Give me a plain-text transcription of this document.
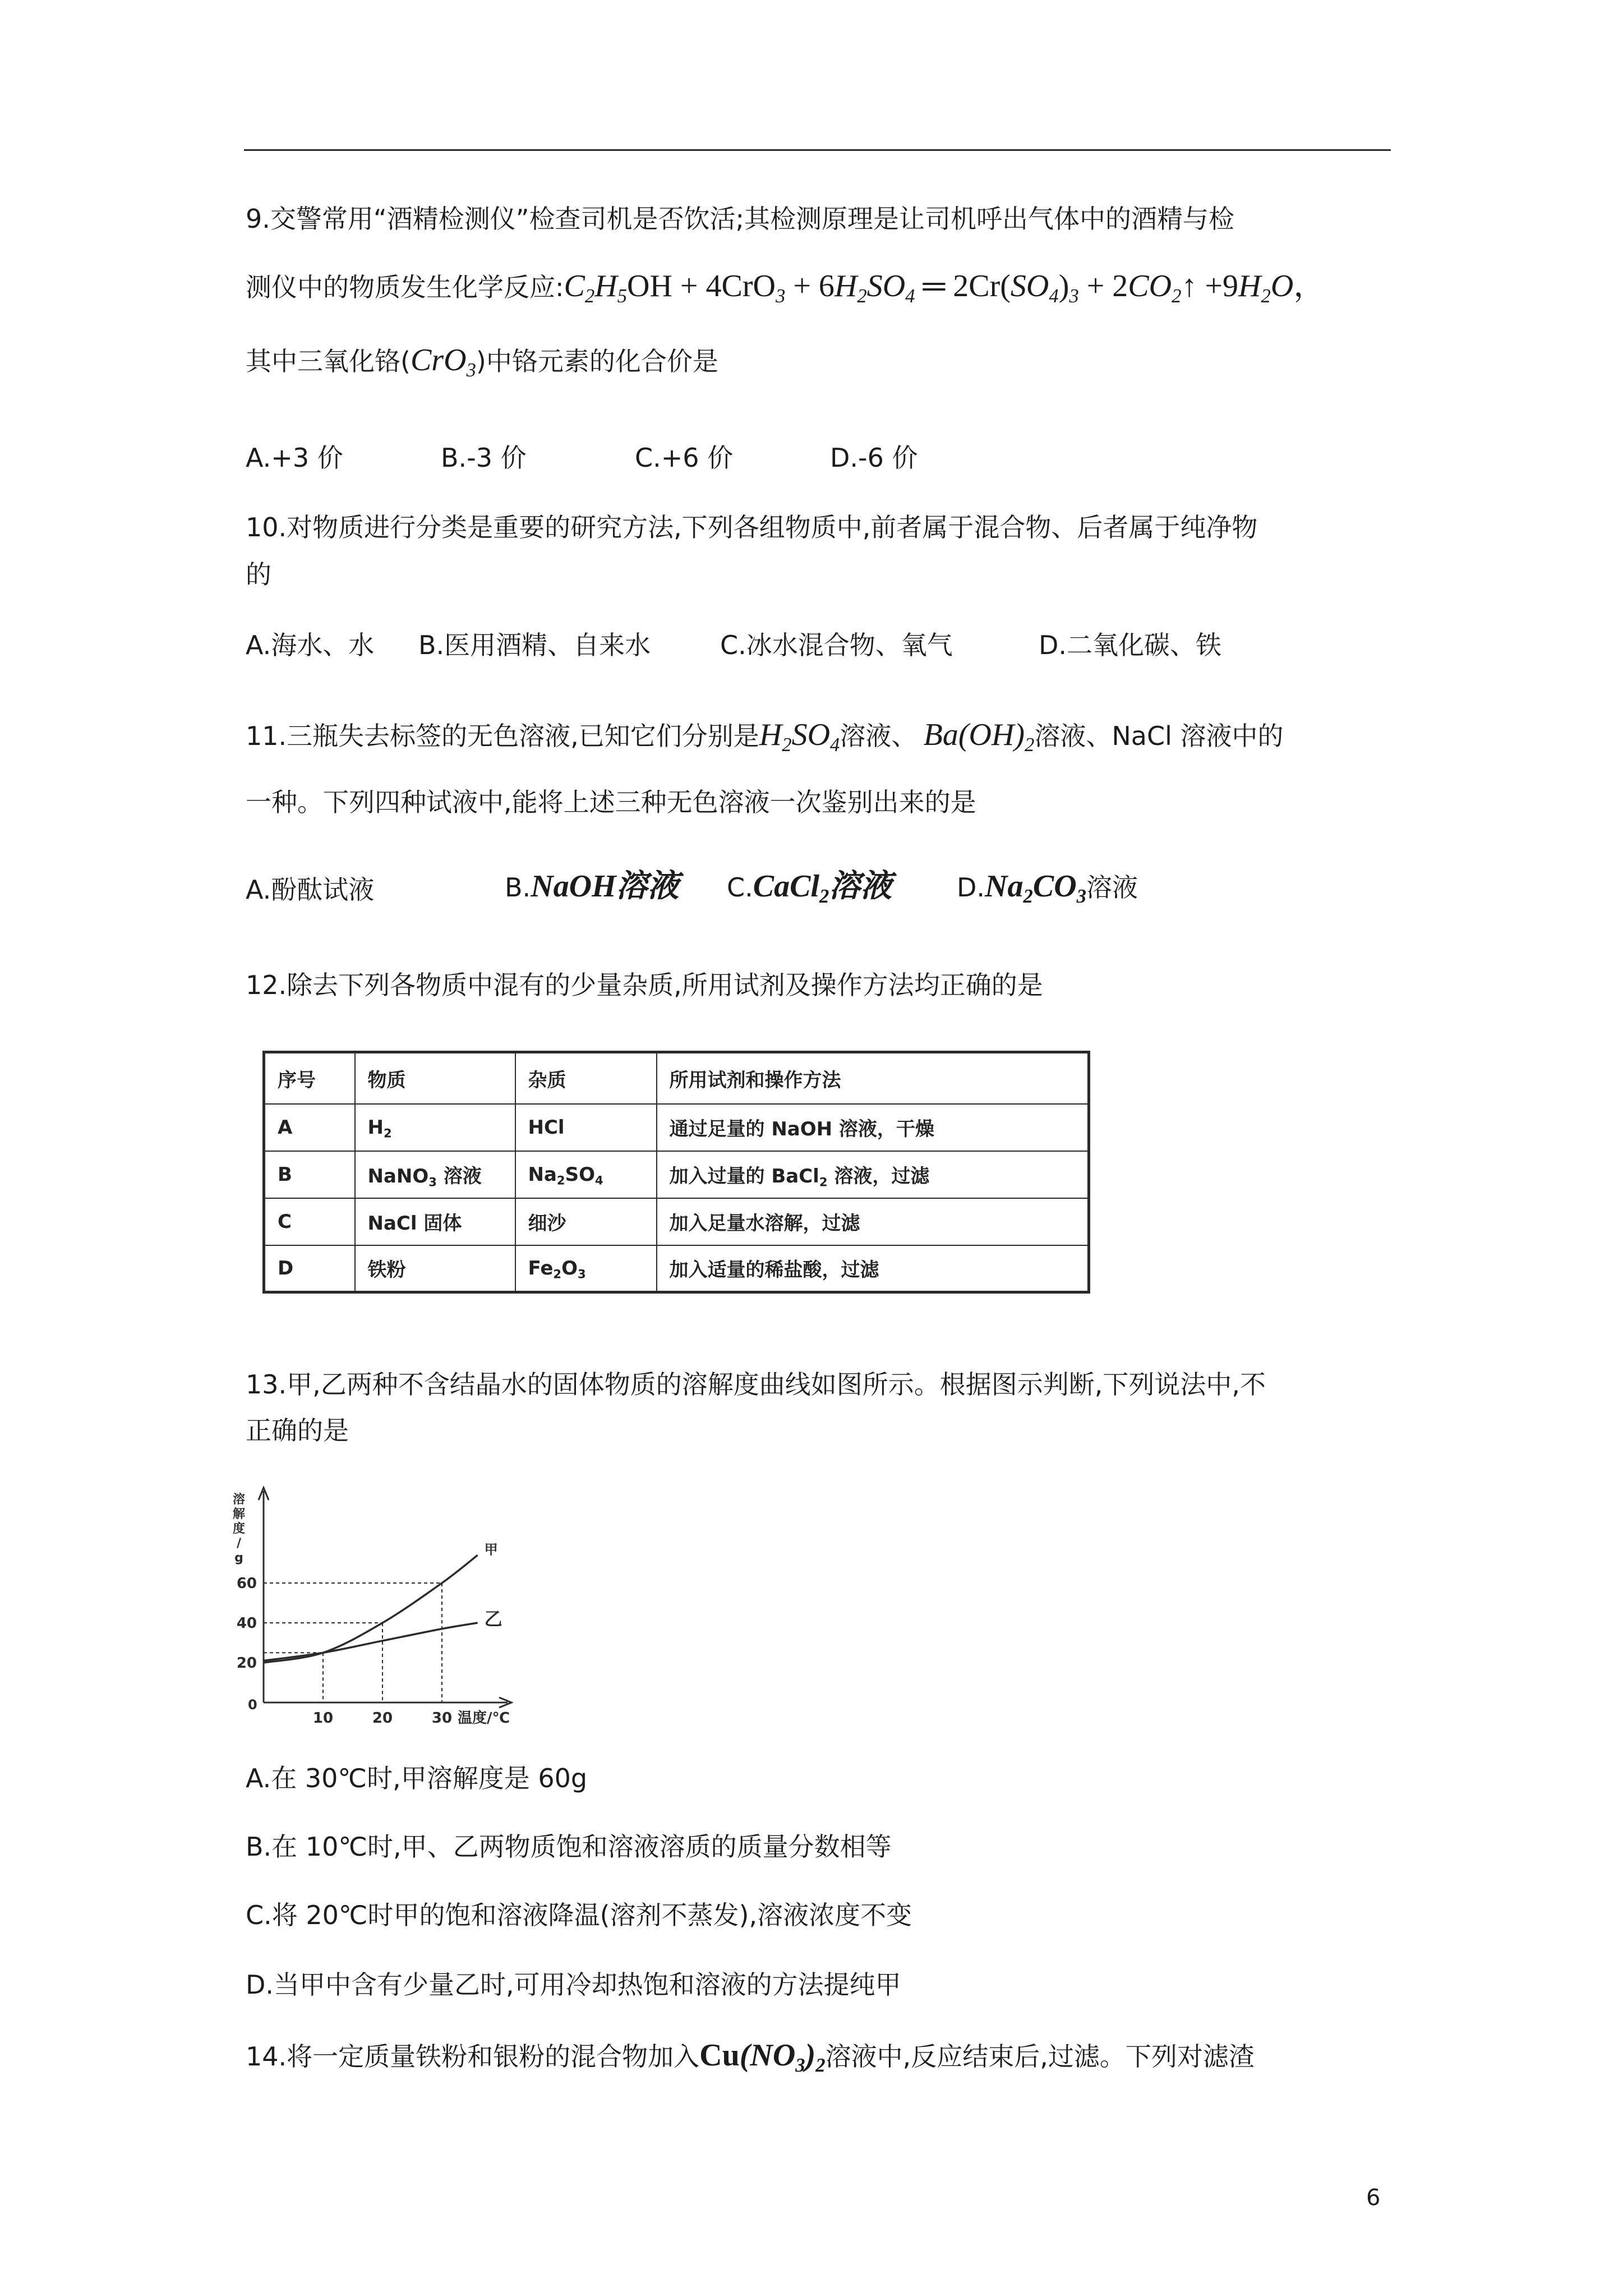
9.交警常用“酒精检测仪”检查司机是否饮活;其检测原理是让司机呼出气体中的酒精与检
测仪中的物质发生化学反应$:C_2H_5OH + 4CrO_3 + 6H_2SO_4$ ═ $2Cr(SO_4)_3$ + $2CO_2↑ +9H_2O$，
其中三氧化铬(CrO$_3$)中铬元素的化合价是
A.+3 价	B.-3 价	C.+6 价	D.-6 价
10.对物质进行分类是重要的研究方法,下列各组物质中,前者属于混合物、后者属于纯净物
的
A.海水、水 B.医用酒精、自来水	C.冰水混合物、氧气	D.二氧化碳、铁
11.三瓶失去标签的无色溶液,已知它们分别是$H_2SO_4$溶液、  $Ba(OH)_2$溶液、NaCl 溶液中的
一种。下列四种试液中,能将上述三种无色溶液一次鉴别出来的是
A.酚酞试液	B.NaOH溶液 C.CaCl$_2$溶液	$D.Na_2CO_3$溶液
12.除去下列各物质中混有的少量杂质,所用试剂及操作方法均正确的是
序号	物质	杂质	所用试剂和操作方法
A	$H_2$	HCl	通过足量的 NaOH 溶液，干燥
B	NaNO$_3$ 溶液	$Na_2SO_4$	加入过量的 BaCl$_2$ 溶液，过滤
C	NaCl 固体	细沙	加入足量水溶解，过滤
D	铁粉	$Fe_2O_3$	加入适量的稀盐酸，过滤
13.甲,乙两种不含结晶水的固体物质的溶解度曲线如图所示。根据图示判断,下列说法中,不
正确的是
溶
解
度
/
g
0
20
40
60
10	20	30 温度/℃
甲
乙
A.在 30℃时,甲溶解度是 60g
B.在 10℃时,甲、乙两物质饱和溶液溶质的质量分数相等
C.将 20℃时甲的饱和溶液降温(溶剂不蒸发),溶液浓度不变
D.当甲中含有少量乙时,可用冷却热饱和溶液的方法提纯甲
14.将一定质量铁粉和银粉的混合物加入$Cu(NO_3)_2$溶液中,反应结束后,过滤。下列对滤渣
6
